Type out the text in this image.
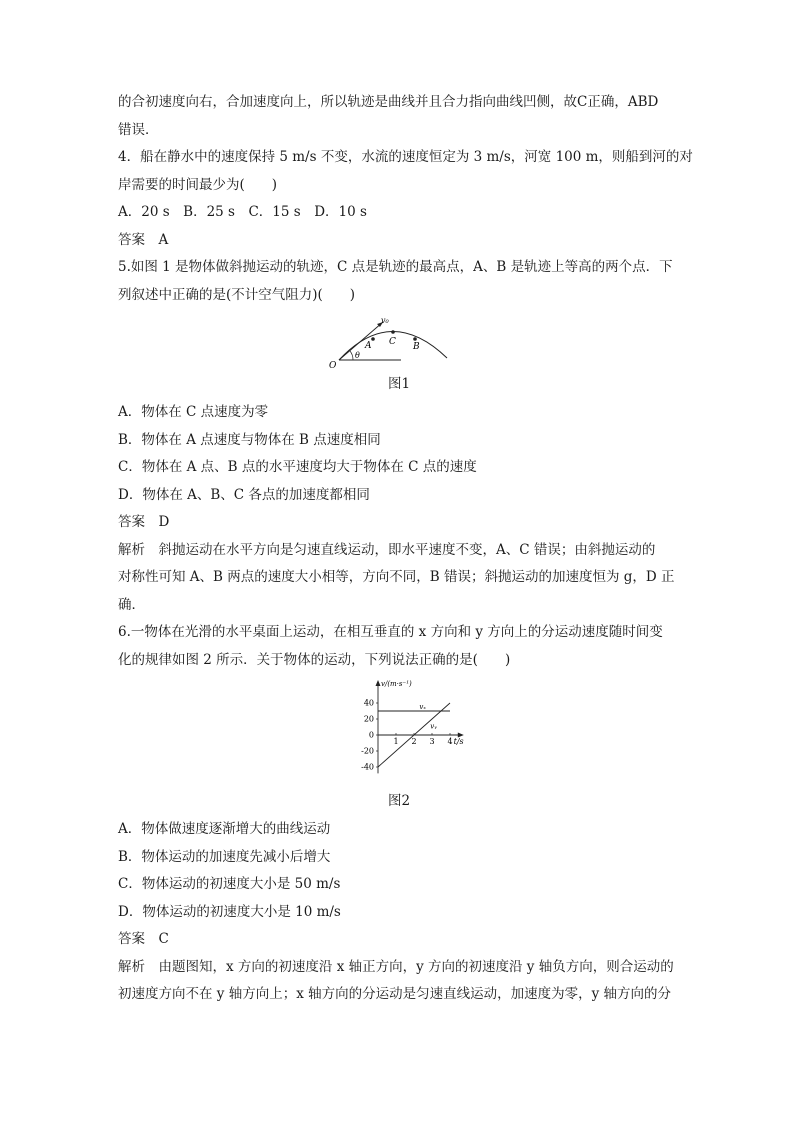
的合初速度向右，合加速度向上，所以轨迹是曲线并且合力指向曲线凹侧，故C正确，ABD

错误．

4．船在静水中的速度保持 5 m/s 不变，水流的速度恒定为 3 m/s，河宽 100 m，则船到河的对

岸需要的时间最少为(　　)

A．20 s　B．25 s　C．15 s　D．10 s

答案　A

5.如图 1 是物体做斜抛运动的轨迹，C 点是轨迹的最高点，A、B 是轨迹上等高的两个点．下

列叙述中正确的是(不计空气阻力)(　　)

v₀
A C B
O
θ
图1

A．物体在 C 点速度为零

B．物体在 A 点速度与物体在 B 点速度相同

C．物体在 A 点、B 点的水平速度均大于物体在 C 点的速度

D．物体在 A、B、C 各点的加速度都相同

答案　D

解析　斜抛运动在水平方向是匀速直线运动，即水平速度不变，A、C 错误；由斜抛运动的

对称性可知 A、B 两点的速度大小相等，方向不同，B 错误；斜抛运动的加速度恒为 g，D 正

确．

6.一物体在光滑的水平桌面上运动，在相互垂直的 x 方向和 y 方向上的分运动速度随时间变

化的规律如图 2 所示．关于物体的运动，下列说法正确的是(　　)

v/(m·s⁻¹)
t/s
40
20
0
-20
-40
1 2 3 4
vₓ
vᵧ
图2

A．物体做速度逐渐增大的曲线运动

B．物体运动的加速度先减小后增大

C．物体运动的初速度大小是 50 m/s

D．物体运动的初速度大小是 10 m/s

答案　C

解析　由题图知，x 方向的初速度沿 x 轴正方向，y 方向的初速度沿 y 轴负方向，则合运动的

初速度方向不在 y 轴方向上；x 轴方向的分运动是匀速直线运动，加速度为零，y 轴方向的分
